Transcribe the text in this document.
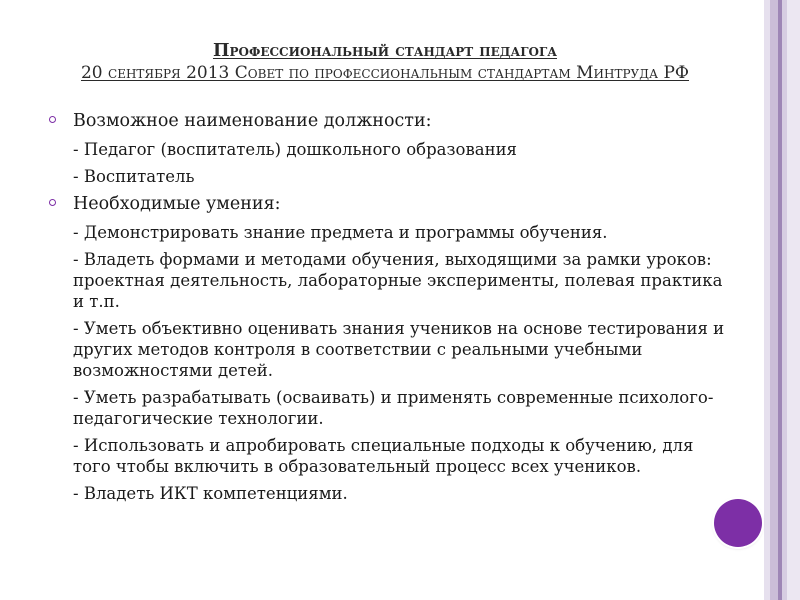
Профессиональный стандарт педагога
20 сентября 2013 Совет по профессиональным стандартам Минтруда РФ
Возможное наименование должности:
- Педагог (воспитатель) дошкольного образования
- Воспитатель
Необходимые умения:
- Демонстрировать знание предмета и программы обучения.
- Владеть формами и методами обучения, выходящими за рамки уроков: проектная деятельность, лабораторные эксперименты, полевая практика и т.п.
- Уметь объективно оценивать знания учеников на основе тестирования и других методов контроля в соответствии с реальными учебными возможностями детей.
- Уметь разрабатывать (осваивать) и применять современные психолого-педагогические технологии.
- Использовать и апробировать специальные подходы к обучению, для того чтобы включить в образовательный процесс всех учеников.
- Владеть ИКТ компетенциями.
